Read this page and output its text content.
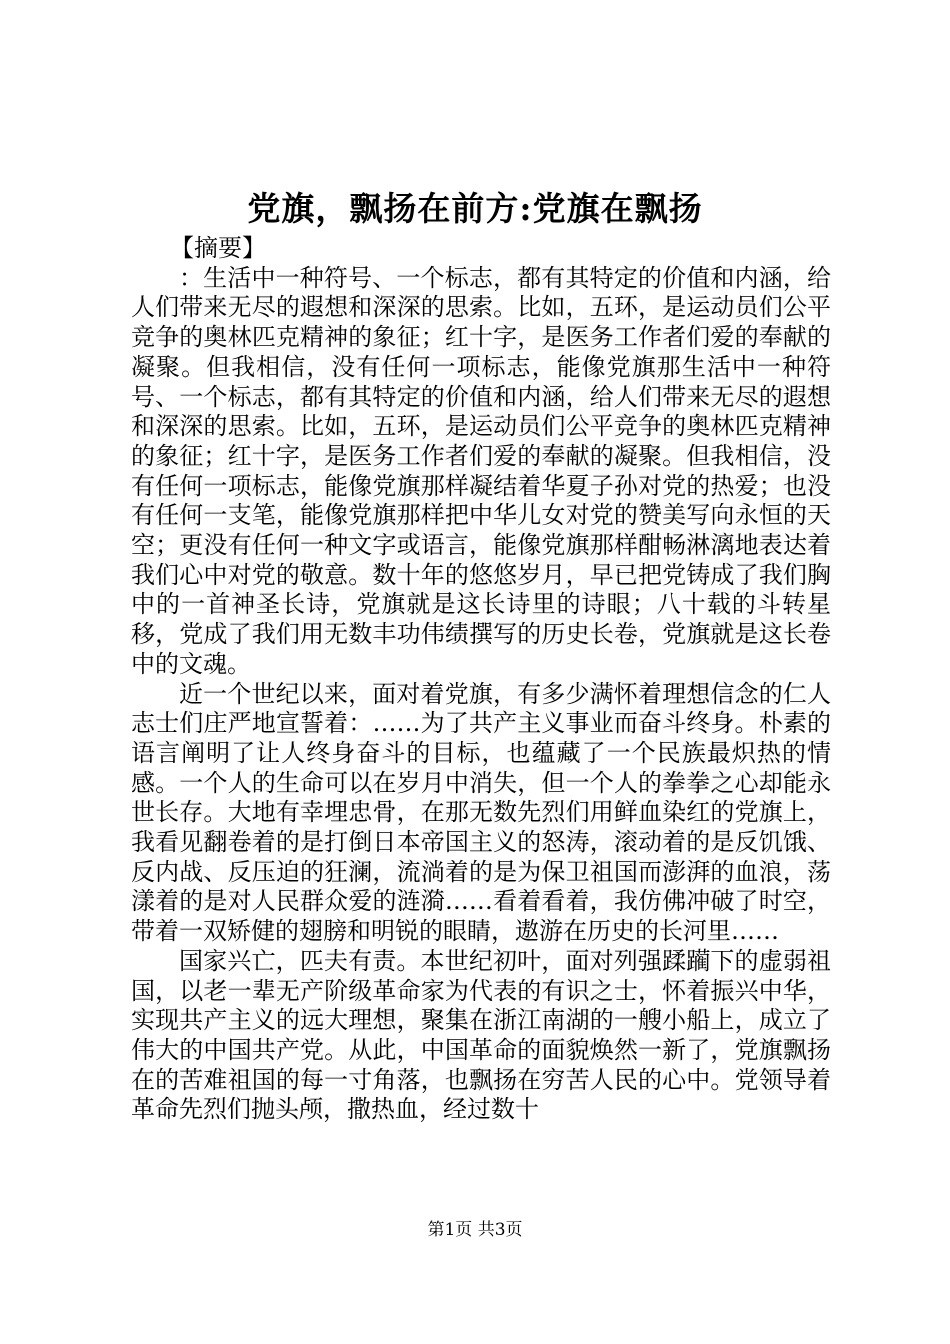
党旗，飘扬在前方:党旗在飘扬

【摘要】

：生活中一种符号、一个标志，都有其特定的价值和内涵，给人们带来无尽的遐想和深深的思索。比如，五环，是运动员们公平竞争的奥林匹克精神的象征；红十字，是医务工作者们爱的奉献的凝聚。但我相信，没有任何一项标志，能像党旗那生活中一种符号、一个标志，都有其特定的价值和内涵，给人们带来无尽的遐想和深深的思索。比如，五环，是运动员们公平竞争的奥林匹克精神的象征；红十字，是医务工作者们爱的奉献的凝聚。但我相信，没有任何一项标志，能像党旗那样凝结着华夏子孙对党的热爱；也没有任何一支笔，能像党旗那样把中华儿女对党的赞美写向永恒的天空；更没有任何一种文字或语言，能像党旗那样酣畅淋漓地表达着我们心中对党的敬意。数十年的悠悠岁月，早已把党铸成了我们胸中的一首神圣长诗，党旗就是这长诗里的诗眼；八十载的斗转星移，党成了我们用无数丰功伟绩撰写的历史长卷，党旗就是这长卷中的文魂。

近一个世纪以来，面对着党旗，有多少满怀着理想信念的仁人志士们庄严地宣誓着：……为了共产主义事业而奋斗终身。朴素的语言阐明了让人终身奋斗的目标，也蕴藏了一个民族最炽热的情感。一个人的生命可以在岁月中消失，但一个人的拳拳之心却能永世长存。大地有幸埋忠骨，在那无数先烈们用鲜血染红的党旗上，我看见翻卷着的是打倒日本帝国主义的怒涛，滚动着的是反饥饿、反内战、反压迫的狂澜，流淌着的是为保卫祖国而澎湃的血浪，荡漾着的是对人民群众爱的涟漪……看着看着，我仿佛冲破了时空，带着一双矫健的翅膀和明锐的眼睛，遨游在历史的长河里……

国家兴亡，匹夫有责。本世纪初叶，面对列强蹂躏下的虚弱祖国，以老一辈无产阶级革命家为代表的有识之士，怀着振兴中华，实现共产主义的远大理想，聚集在浙江南湖的一艘小船上，成立了伟大的中国共产党。从此，中国革命的面貌焕然一新了，党旗飘扬在的苦难祖国的每一寸角落，也飘扬在穷苦人民的心中。党领导着革命先烈们抛头颅，撒热血，经过数十

第1页 共3页
